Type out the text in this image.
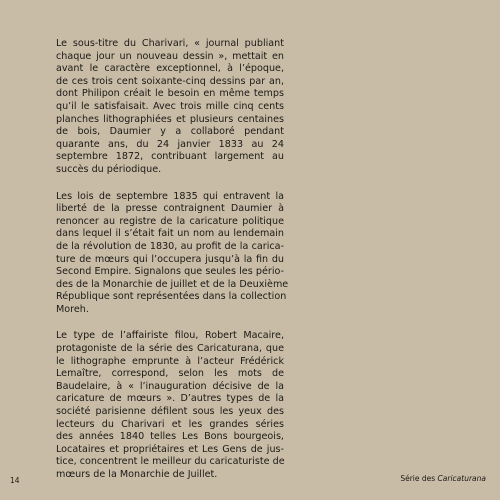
Le sous-titre du Charivari, « journal publiant
chaque jour un nouveau dessin », mettait en
avant le caractère exceptionnel, à l’époque,
de ces trois cent soixante-cinq dessins par an,
dont Philipon créait le besoin en même temps
qu’il le satisfaisait. Avec trois mille cinq cents
planches lithographiées et plusieurs centaines
de bois, Daumier y a collaboré pendant
quarante ans, du 24 janvier 1833 au 24
septembre 1872, contribuant largement au
succès du périodique.

Les lois de septembre 1835 qui entravent la
liberté de la presse contraignent Daumier à
renoncer au registre de la caricature politique
dans lequel il s’était fait un nom au lendemain
de la révolution de 1830, au profit de la carica-
ture de mœurs qui l’occupera jusqu’à la fin du
Second Empire. Signalons que seules les pério-
des de la Monarchie de juillet et de la Deuxième
République sont représentées dans la collection
Moreh.

Le type de l’affairiste filou, Robert Macaire,
protagoniste de la série des Caricaturana, que
le lithographe emprunte à l’acteur Frédérick
Lemaître, correspond, selon les mots de
Baudelaire, à « l’inauguration décisive de la
caricature de mœurs ». D’autres types de la
société parisienne défilent sous les yeux des
lecteurs du Charivari et les grandes séries
des années 1840 telles Les Bons bourgeois,
Locataires et propriétaires et Les Gens de jus-
tice, concentrent le meilleur du caricaturiste de
mœurs de la Monarchie de Juillet.

14	Série des Caricaturana
